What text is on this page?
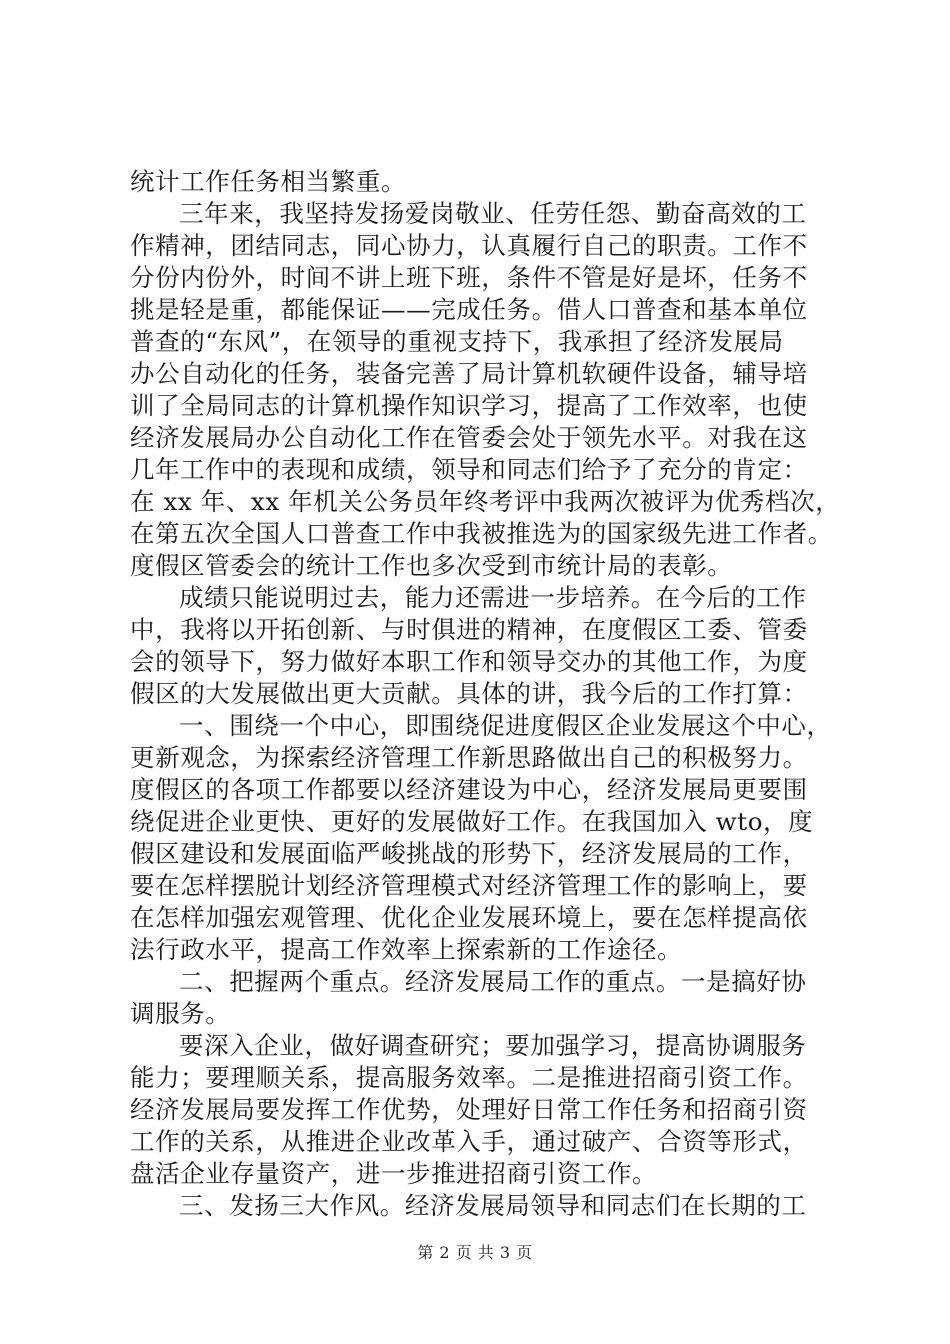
统计工作任务相当繁重。
三年来，我坚持发扬爱岗敬业、任劳任怨、勤奋高效的工
作精神，团结同志，同心协力，认真履行自己的职责。工作不
分份内份外，时间不讲上班下班，条件不管是好是坏，任务不
挑是轻是重，都能保证——完成任务。借人口普查和基本单位
普查的“东风”，在领导的重视支持下，我承担了经济发展局
办公自动化的任务，装备完善了局计算机软硬件设备，辅导培
训了全局同志的计算机操作知识学习，提高了工作效率，也使
经济发展局办公自动化工作在管委会处于领先水平。对我在这
几年工作中的表现和成绩，领导和同志们给予了充分的肯定：
在 xx 年、xx 年机关公务员年终考评中我两次被评为优秀档次，
在第五次全国人口普查工作中我被推选为的国家级先进工作者。
度假区管委会的统计工作也多次受到市统计局的表彰。
成绩只能说明过去，能力还需进一步培养。在今后的工作
中，我将以开拓创新、与时俱进的精神，在度假区工委、管委
会的领导下，努力做好本职工作和领导交办的其他工作，为度
假区的大发展做出更大贡献。具体的讲，我今后的工作打算：
一、围绕一个中心，即围绕促进度假区企业发展这个中心，
更新观念，为探索经济管理工作新思路做出自己的积极努力。
度假区的各项工作都要以经济建设为中心，经济发展局更要围
绕促进企业更快、更好的发展做好工作。在我国加入 wto，度
假区建设和发展面临严峻挑战的形势下，经济发展局的工作，
要在怎样摆脱计划经济管理模式对经济管理工作的影响上，要
在怎样加强宏观管理、优化企业发展环境上，要在怎样提高依
法行政水平，提高工作效率上探索新的工作途径。
二、把握两个重点。经济发展局工作的重点。一是搞好协
调服务。
要深入企业，做好调查研究；要加强学习，提高协调服务
能力；要理顺关系，提高服务效率。二是推进招商引资工作。
经济发展局要发挥工作优势，处理好日常工作任务和招商引资
工作的关系，从推进企业改革入手，通过破产、合资等形式，
盘活企业存量资产，进一步推进招商引资工作。
三、发扬三大作风。经济发展局领导和同志们在长期的工
第 2 页 共 3 页
